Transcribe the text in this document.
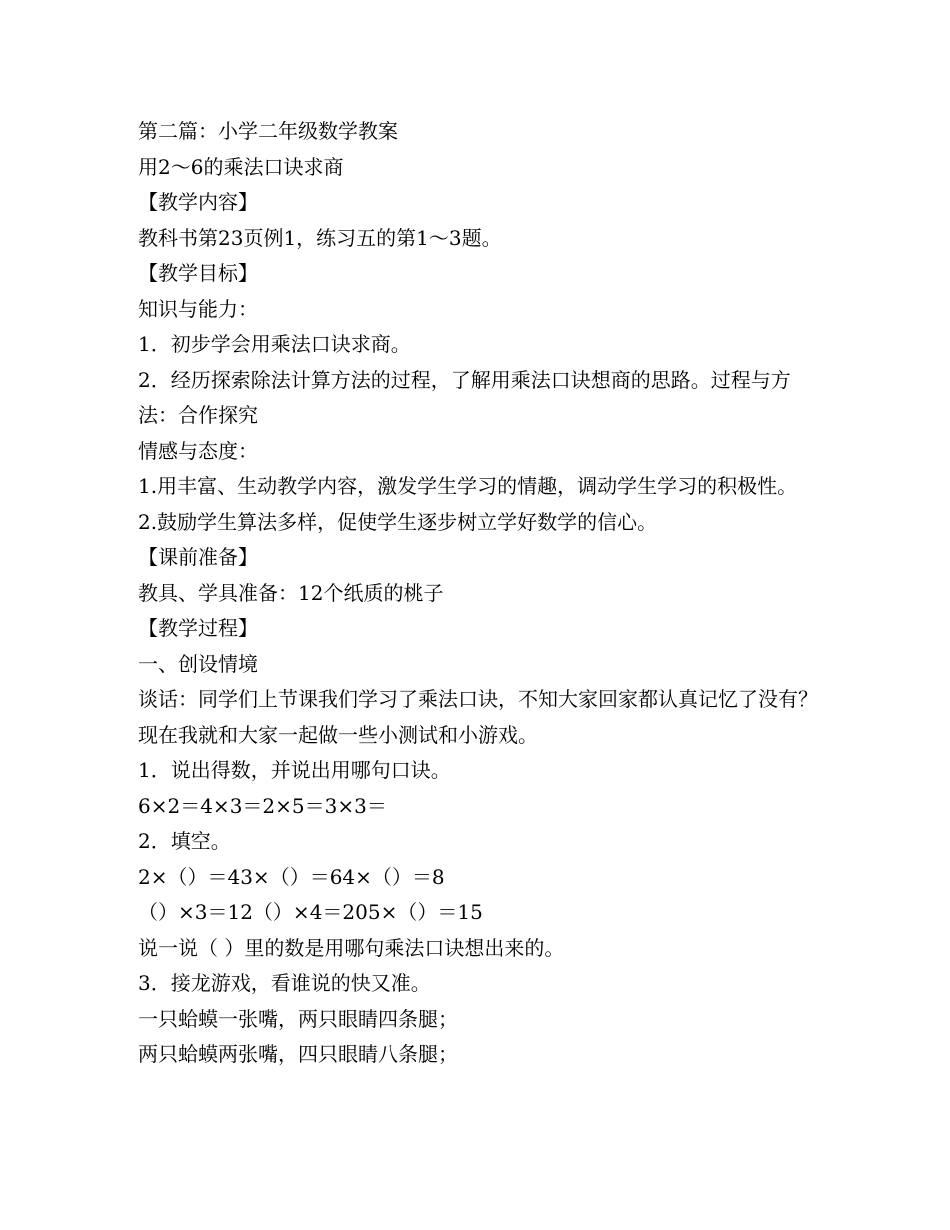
第二篇：小学二年级数学教案

用2～6的乘法口诀求商

【教学内容】

教科书第23页例1，练习五的第1～3题。

【教学目标】

知识与能力：

1．初步学会用乘法口诀求商。

2．经历探索除法计算方法的过程，了解用乘法口诀想商的思路。过程与方法：合作探究

情感与态度：

1.用丰富、生动教学内容，激发学生学习的情趣，调动学生学习的积极性。

2.鼓励学生算法多样，促使学生逐步树立学好数学的信心。

【课前准备】

教具、学具准备：12个纸质的桃子

【教学过程】

一、创设情境

谈话：同学们上节课我们学习了乘法口诀，不知大家回家都认真记忆了没有？现在我就和大家一起做一些小测试和小游戏。

1．说出得数，并说出用哪句口诀。

6×2＝4×3＝2×5＝3×3＝

2．填空。

2×（）＝43×（）＝64×（）＝8

（）×3＝12（）×4＝205×（）＝15

说一说（ ）里的数是用哪句乘法口诀想出来的。

3．接龙游戏，看谁说的快又准。

一只蛤蟆一张嘴，两只眼睛四条腿；

两只蛤蟆两张嘴，四只眼睛八条腿；
